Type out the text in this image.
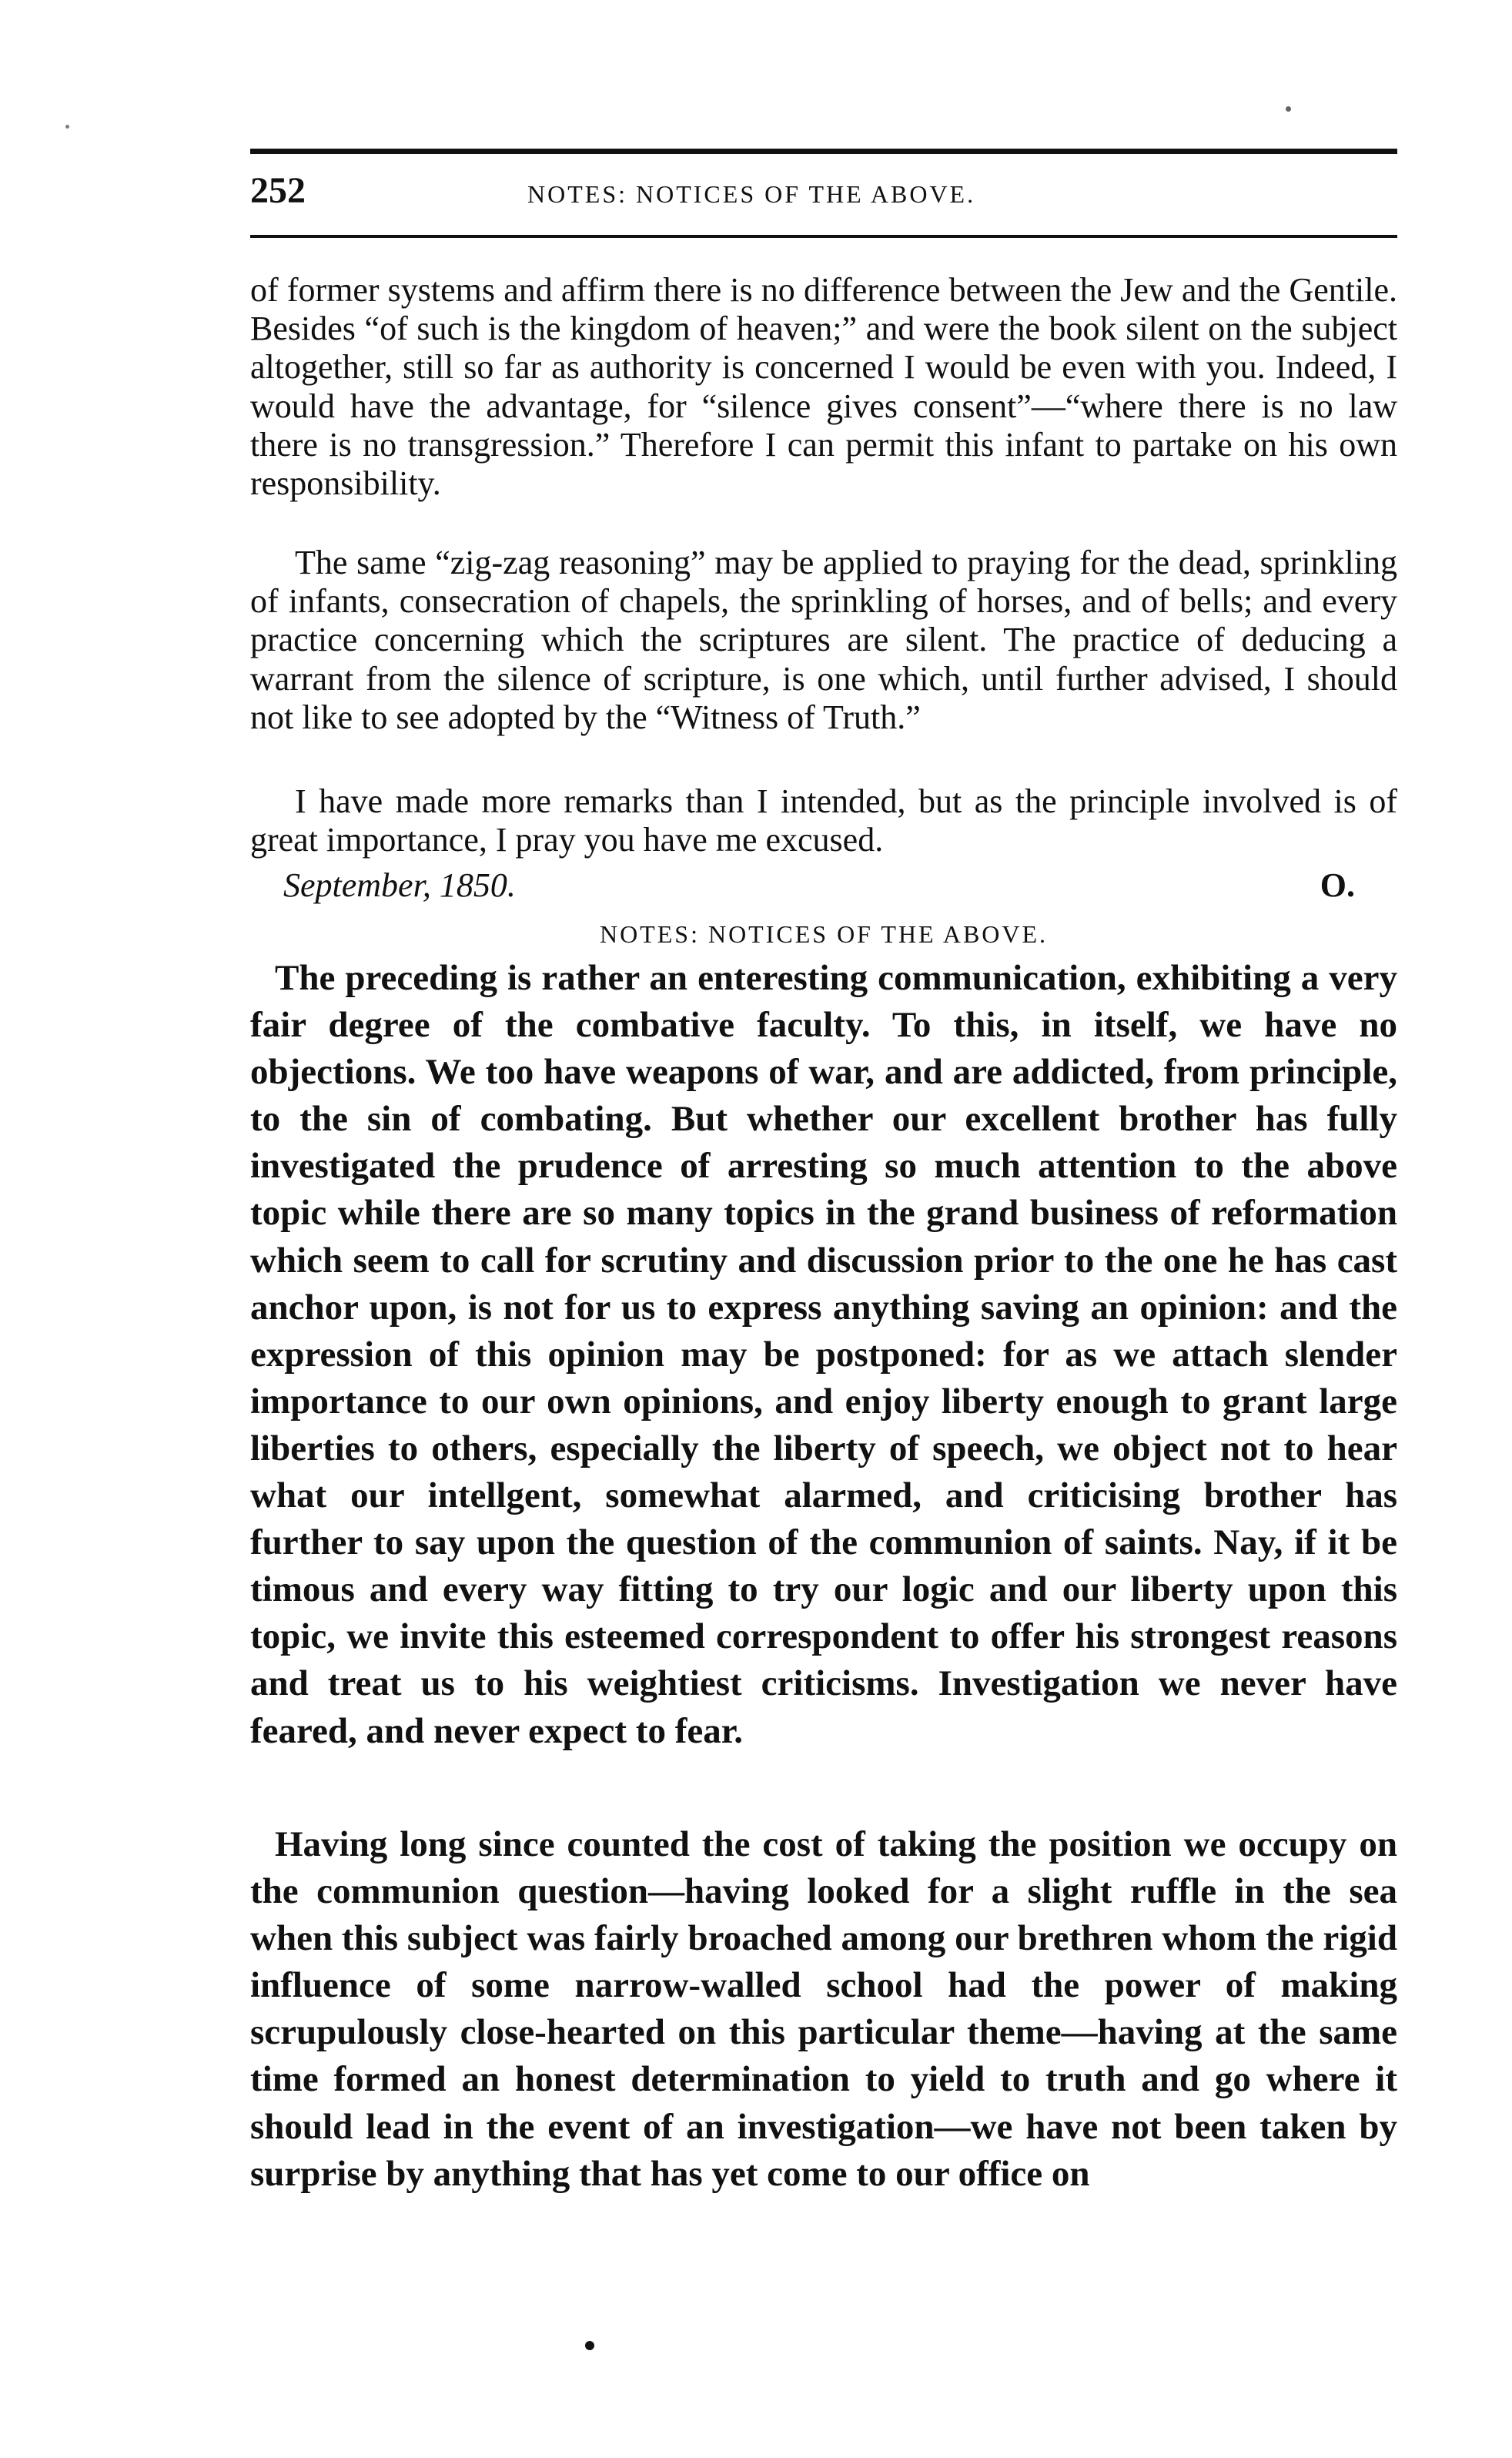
252	NOTES: NOTICES OF THE ABOVE.

of former systems and affirm there is no difference between the Jew and the Gentile. Besides “of such is the kingdom of heaven;” and were the book silent on the subject altogether, still so far as authority is concerned I would be even with you. Indeed, I would have the advantage, for “silence gives consent”—“where there is no law there is no transgression.” Therefore I can permit this infant to partake on his own responsibility.

The same “zig-zag reasoning” may be applied to praying for the dead, sprinkling of infants, consecration of chapels, the sprinkling of horses, and of bells; and every practice concerning which the scriptures are silent. The practice of deducing a warrant from the silence of scripture, is one which, until further advised, I should not like to see adopted by the “Witness of Truth.”

I have made more remarks than I intended, but as the principle involved is of great importance, I pray you have me excused.

September, 1850.	O.
NOTES: NOTICES OF THE ABOVE.

The preceding is rather an enteresting communication, exhibiting a very fair degree of the combative faculty. To this, in itself, we have no objections. We too have weapons of war, and are addicted, from principle, to the sin of combating. But whether our excellent brother has fully investigated the prudence of arresting so much attention to the above topic while there are so many topics in the grand business of reformation which seem to call for scrutiny and discussion prior to the one he has cast anchor upon, is not for us to express anything saving an opinion: and the expression of this opinion may be postponed: for as we attach slender importance to our own opinions, and enjoy liberty enough to grant large liberties to others, especially the liberty of speech, we object not to hear what our intellgent, somewhat alarmed, and criticising brother has further to say upon the question of the communion of saints. Nay, if it be timous and every way fitting to try our logic and our liberty upon this topic, we invite this esteemed correspondent to offer his strongest reasons and treat us to his weightiest criticisms. Investigation we never have feared, and never expect to fear.

Having long since counted the cost of taking the position we occupy on the communion question—having looked for a slight ruffle in the sea when this subject was fairly broached among our brethren whom the rigid influence of some narrow-walled school had the power of making scrupulously close-hearted on this particular theme—having at the same time formed an honest determination to yield to truth and go where it should lead in the event of an investigation—we have not been taken by surprise by anything that has yet come to our office on
